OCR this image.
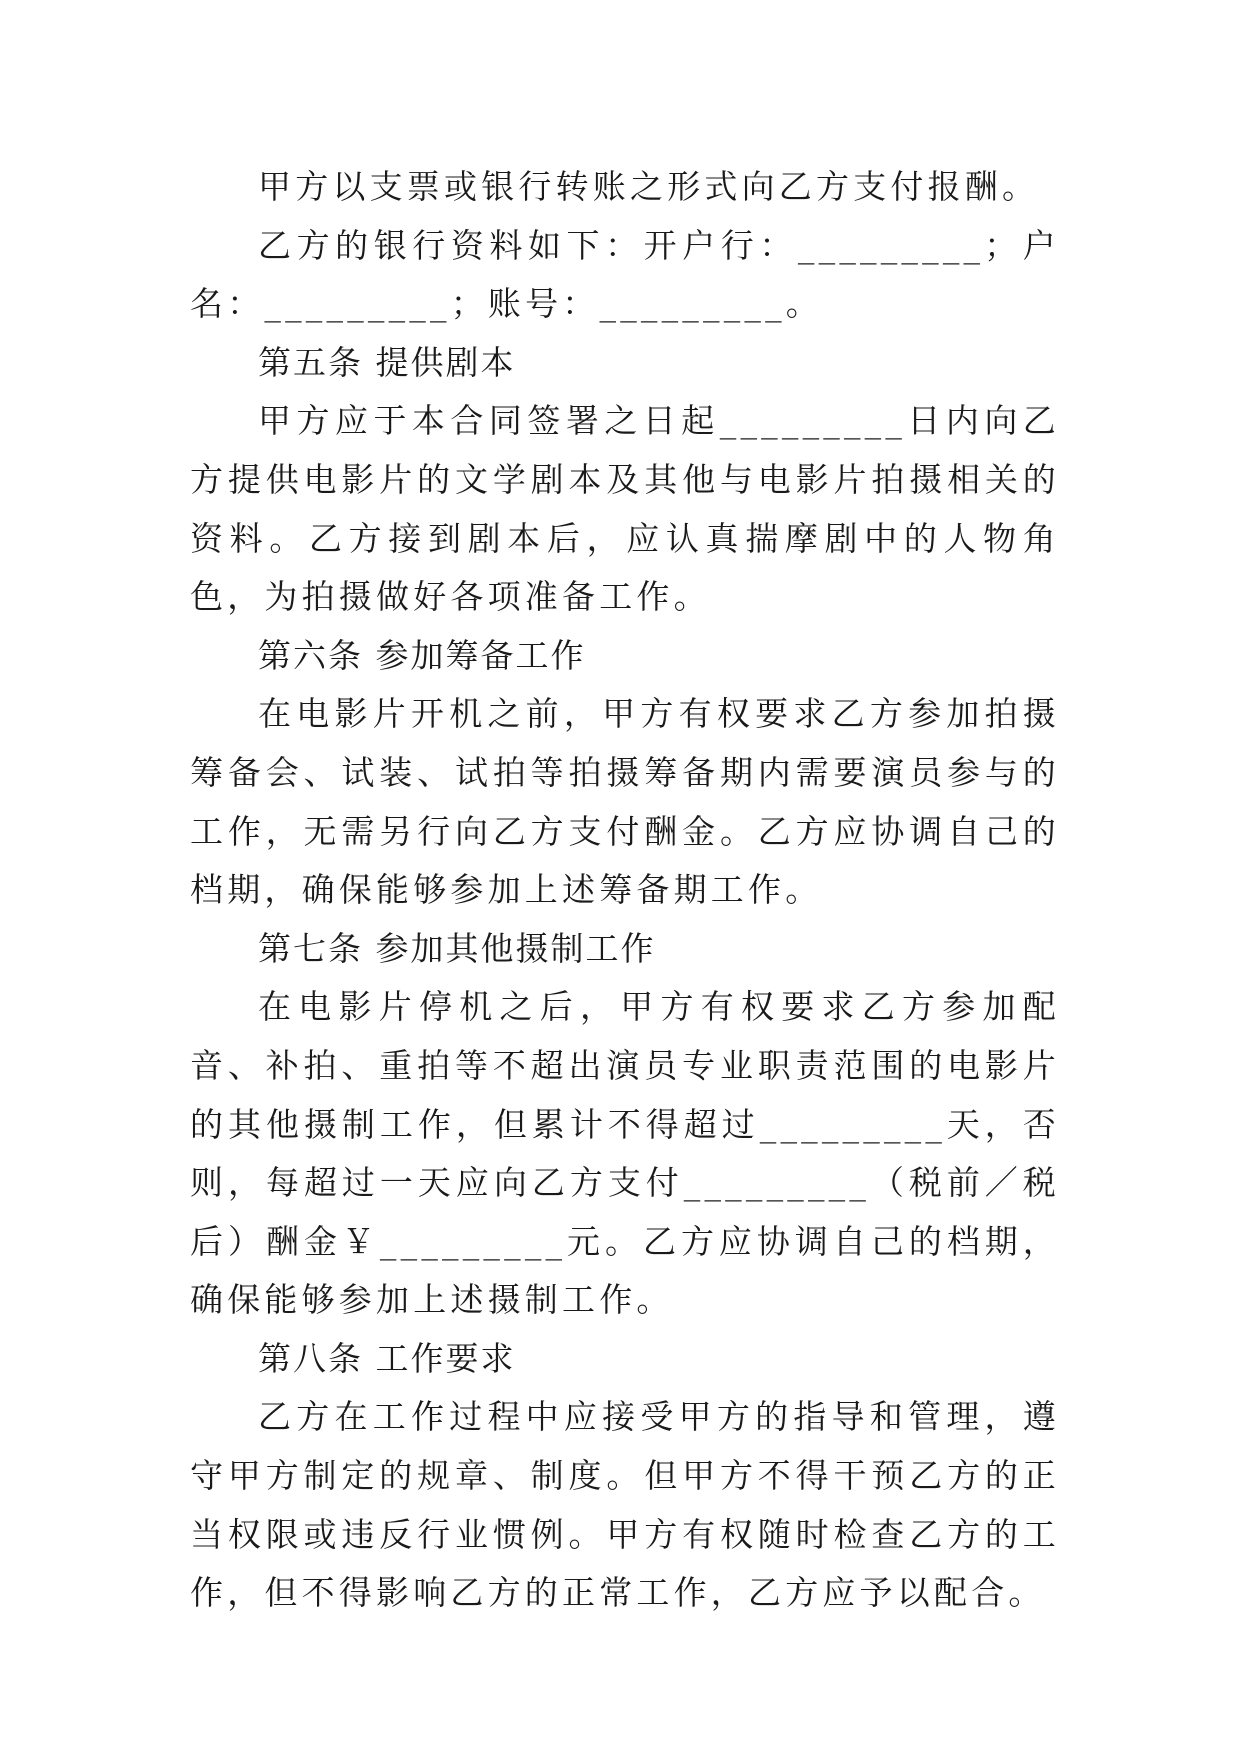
甲方以支票或银行转账之形式向乙方支付报酬。

乙方的银行资料如下：开户行：_________；户名：_________；账号：_________。

第五条 提供剧本

甲方应于本合同签署之日起_________日内向乙方提供电影片的文学剧本及其他与电影片拍摄相关的资料。乙方接到剧本后，应认真揣摩剧中的人物角色，为拍摄做好各项准备工作。

第六条 参加筹备工作

在电影片开机之前，甲方有权要求乙方参加拍摄筹备会、试装、试拍等拍摄筹备期内需要演员参与的工作，无需另行向乙方支付酬金。乙方应协调自己的档期，确保能够参加上述筹备期工作。

第七条 参加其他摄制工作

在电影片停机之后，甲方有权要求乙方参加配音、补拍、重拍等不超出演员专业职责范围的电影片的其他摄制工作，但累计不得超过_________天，否则，每超过一天应向乙方支付_________（税前／税后）酬金￥_________元。乙方应协调自己的档期，确保能够参加上述摄制工作。

第八条 工作要求

乙方在工作过程中应接受甲方的指导和管理，遵守甲方制定的规章、制度。但甲方不得干预乙方的正当权限或违反行业惯例。甲方有权随时检查乙方的工作，但不得影响乙方的正常工作，乙方应予以配合。
